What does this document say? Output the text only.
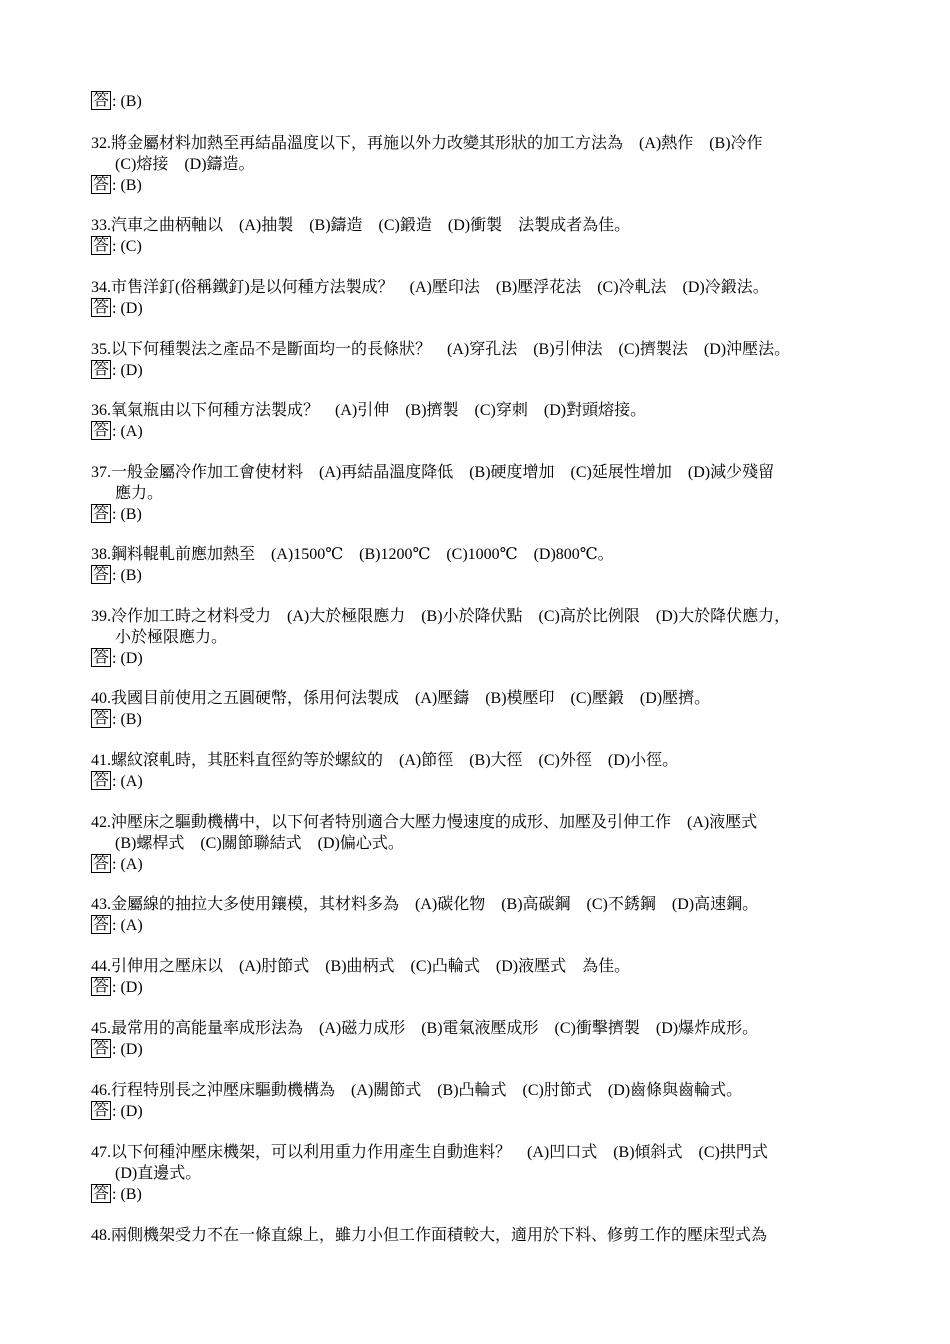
答 : (B)
32.將金屬材料加熱至再結晶溫度以下，再施以外力改變其形狀的加工方法為　(A)熱作　(B)冷作
(C)熔接　(D)鑄造。
答 : (B)
33.汽車之曲柄軸以　(A)抽製　(B)鑄造　(C)鍛造　(D)衝製　法製成者為佳。
答 : (C)
34.市售洋釘(俗稱鐵釘)是以何種方法製成？　(A)壓印法　(B)壓浮花法　(C)冷軋法　(D)冷鍛法。
答 : (D)
35.以下何種製法之產品不是斷面均一的長條狀？　(A)穿孔法　(B)引伸法　(C)擠製法　(D)沖壓法。
答 : (D)
36.氧氣瓶由以下何種方法製成？　(A)引伸　(B)擠製　(C)穿刺　(D)對頭熔接。
答 : (A)
37.一般金屬冷作加工會使材料　(A)再結晶溫度降低　(B)硬度增加　(C)延展性增加　(D)減少殘留
應力。
答 : (B)
38.鋼料輥軋前應加熱至　(A)1500℃　(B)1200℃　(C)1000℃　(D)800℃。
答 : (B)
39.冷作加工時之材料受力　(A)大於極限應力　(B)小於降伏點　(C)高於比例限　(D)大於降伏應力，
小於極限應力。
答 : (D)
40.我國目前使用之五圓硬幣，係用何法製成　(A)壓鑄　(B)模壓印　(C)壓鍛　(D)壓擠。
答 : (B)
41.螺紋滾軋時，其胚料直徑約等於螺紋的　(A)節徑　(B)大徑　(C)外徑　(D)小徑。
答 : (A)
42.沖壓床之驅動機構中，以下何者特別適合大壓力慢速度的成形、加壓及引伸工作　(A)液壓式
(B)螺桿式　(C)關節聯結式　(D)偏心式。
答 : (A)
43.金屬線的抽拉大多使用鑲模，其材料多為　(A)碳化物　(B)高碳鋼　(C)不銹鋼　(D)高速鋼。
答 : (A)
44.引伸用之壓床以　(A)肘節式　(B)曲柄式　(C)凸輪式　(D)液壓式　為佳。
答 : (D)
45.最常用的高能量率成形法為　(A)磁力成形　(B)電氣液壓成形　(C)衝擊擠製　(D)爆炸成形。
答 : (D)
46.行程特別長之沖壓床驅動機構為　(A)關節式　(B)凸輪式　(C)肘節式　(D)齒條與齒輪式。
答 : (D)
47.以下何種沖壓床機架，可以利用重力作用產生自動進料？　(A)凹口式　(B)傾斜式　(C)拱門式
(D)直邊式。
答 : (B)
48.兩側機架受力不在一條直線上，雖力小但工作面積較大，適用於下料、修剪工作的壓床型式為
